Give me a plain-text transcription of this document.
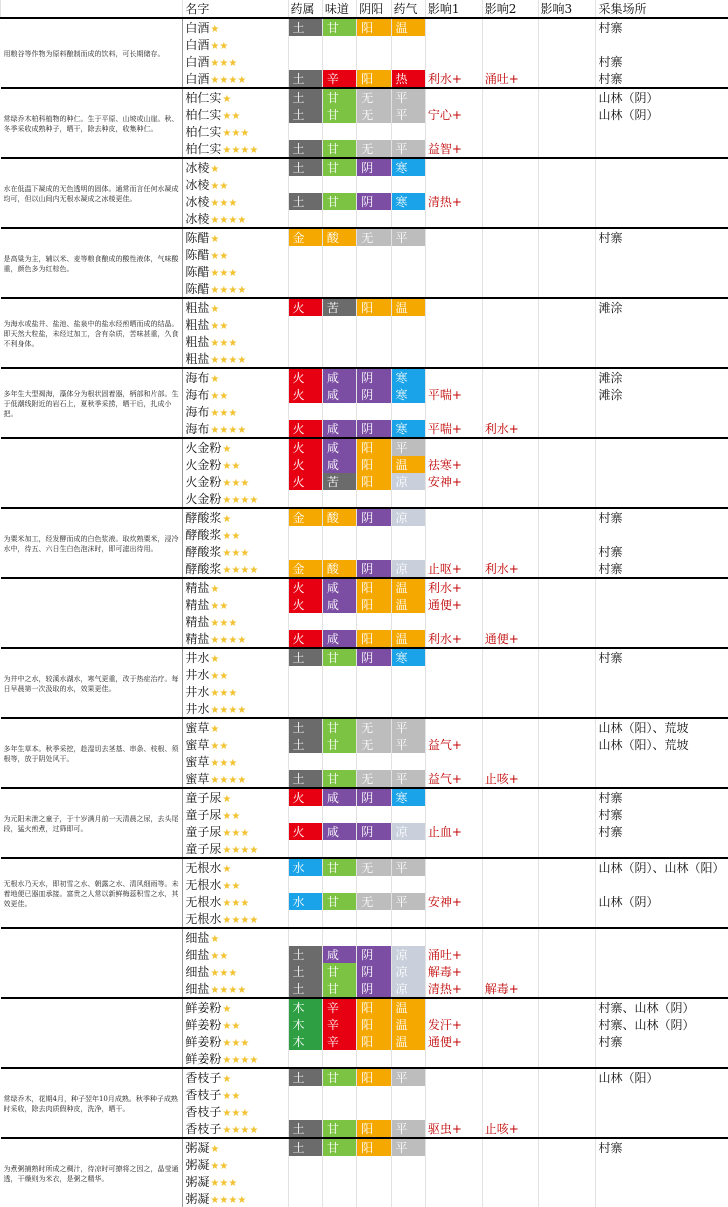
	名字	药属	味道	阴阳	药气	影响1	影响2	影响3	采集场所
用粮谷等作物为原料酿制而成的饮料，可长期储存。	白酒★	土	甘	阳	温				村寨
	白酒★★								
	白酒★★★								村寨
	白酒★★★★	土	辛	阳	热	利水+	涌吐+		村寨
常绿乔木柏科植物的种仁。生于平原、山坡或山崖。秋、冬季采收成熟种子，晒干，除去种皮，收集种仁。	柏仁实★	土	甘	无	平				山林（阴）
	柏仁实★★	土	甘	无	平	宁心+			山林（阴）
	柏仁实★★★								
	柏仁实★★★★	土	甘	无	平	益智+			
水在低温下凝成的无色透明的固体。通常而言任何水凝成均可，但以山间内无根水凝成之冰棱更佳。	冰棱★	土	甘	阴	寒				
	冰棱★★								
	冰棱★★★	土	甘	阴	寒	清热+			
	冰棱★★★★								
是高粱为主，辅以米、麦等粮食酿成的酸性液体，气味酸重，颜色多为红棕色。	陈醋★	金	酸	无	平				村寨
	陈醋★★								
	陈醋★★★								
	陈醋★★★★								
为海水或盐井、盐池、盐泉中的盐水经煎晒而成的结晶。即天然大粒盐，未经过加工，含有杂质，苦味甚重，久食不利身体。	粗盐★	火	苦	阳	温				滩涂
	粗盐★★								
	粗盐★★★								
	粗盐★★★★								
多年生大型褐海，藻体分为根状固着器，柄部和片部。生于低潮线附近的岩石上，夏秋季采捞，晒干后，扎成小把。	海布★	火	咸	阴	寒				滩涂
	海布★★	火	咸	阴	寒	平喘+			滩涂
	海布★★★								
	海布★★★★	火	咸	阴	寒	平喘+	利水+		
	火金粉★	火	咸	阳	平				
	火金粉★★	火	咸	阳	温	祛寒+			
	火金粉★★★	火	苦	阳	凉	安神+			
	火金粉★★★★								
为粟米加工，经发酵而成的白色浆液。取炊熟粟米，浸冷水中，待五、六日生白色泡沫时，即可滤出待用。	酵酸浆★	金	酸	阴	凉				村寨
	酵酸浆★★								
	酵酸浆★★★								村寨
	酵酸浆★★★★	金	酸	阴	凉	止呕+	利水+		村寨
	精盐★	火	咸	阳	温	利水+			
	精盐★★	火	咸	阳	温	通便+			
	精盐★★★								
	精盐★★★★	火	咸	阳	温	利水+	通便+		
为井中之水，较溪水湖水，寒气更重，改于热症治疗。每日早晨第一次汲取的水，效果更佳。	井水★	土	甘	阴	寒				村寨
	井水★★								
	井水★★★								
	井水★★★★								
多年生草本。秋季采挖，趁湿切去茎基、串条、枝根、须根等，放于阴处风干。	蜜草★	土	甘	无	平				山林（阳）、荒坡
	蜜草★★	土	甘	无	平	益气+			山林（阳）、荒坡
	蜜草★★★								
	蜜草★★★★	土	甘	无	平	益气+	止咳+		
为元阳未泄之童子，于十岁满月前一天清晨之尿，去头尾段，猛火煎煮，过筛即可。	童子尿★	火	咸	阴	寒				村寨
	童子尿★★								村寨
	童子尿★★★	火	咸	阴	凉	止血+			村寨
	童子尿★★★★								
无根水乃天水，即初雪之水、朝露之水、清风细雨等。未着地便已器皿承接。富贵之人常以新鲜梅蕊积雪之水，其效更佳。	无根水★	水	甘	无	平				山林（阴）、山林（阳）
	无根水★★								
	无根水★★★	水	甘	无	平	安神+			山林（阴）
	无根水★★★★								
	细盐★								
	细盐★★	土	咸	阴	凉	涌吐+			
	细盐★★★	土	甘	阴	凉	解毒+			
	细盐★★★★	土	甘	阴	凉	清热+	解毒+		
	鲜姜粉★	木	辛	阳	温				村寨、山林（阴）
	鲜姜粉★★	木	辛	阳	温	发汗+			村寨、山林（阴）
	鲜姜粉★★★	木	辛	阳	温	通便+			村寨
	鲜姜粉★★★★								
常绿乔木，花期4月，种子翌年10月成熟。秋季种子成熟时采收，除去肉质假种皮，洗净，晒干。	香枝子★	土	甘	阳	平				山林（阳）
	香枝子★★								
	香枝子★★★								
	香枝子★★★★	土	甘	阳	平	驱虫+	止咳+		
为煮粥捕熟时所成之稠汁，待凉时可撩将之因之，晶莹通透，干燥则为米衣，是粥之精华。	粥凝★	土	甘	阳	平				村寨
	粥凝★★								
	粥凝★★★								
	粥凝★★★★								
